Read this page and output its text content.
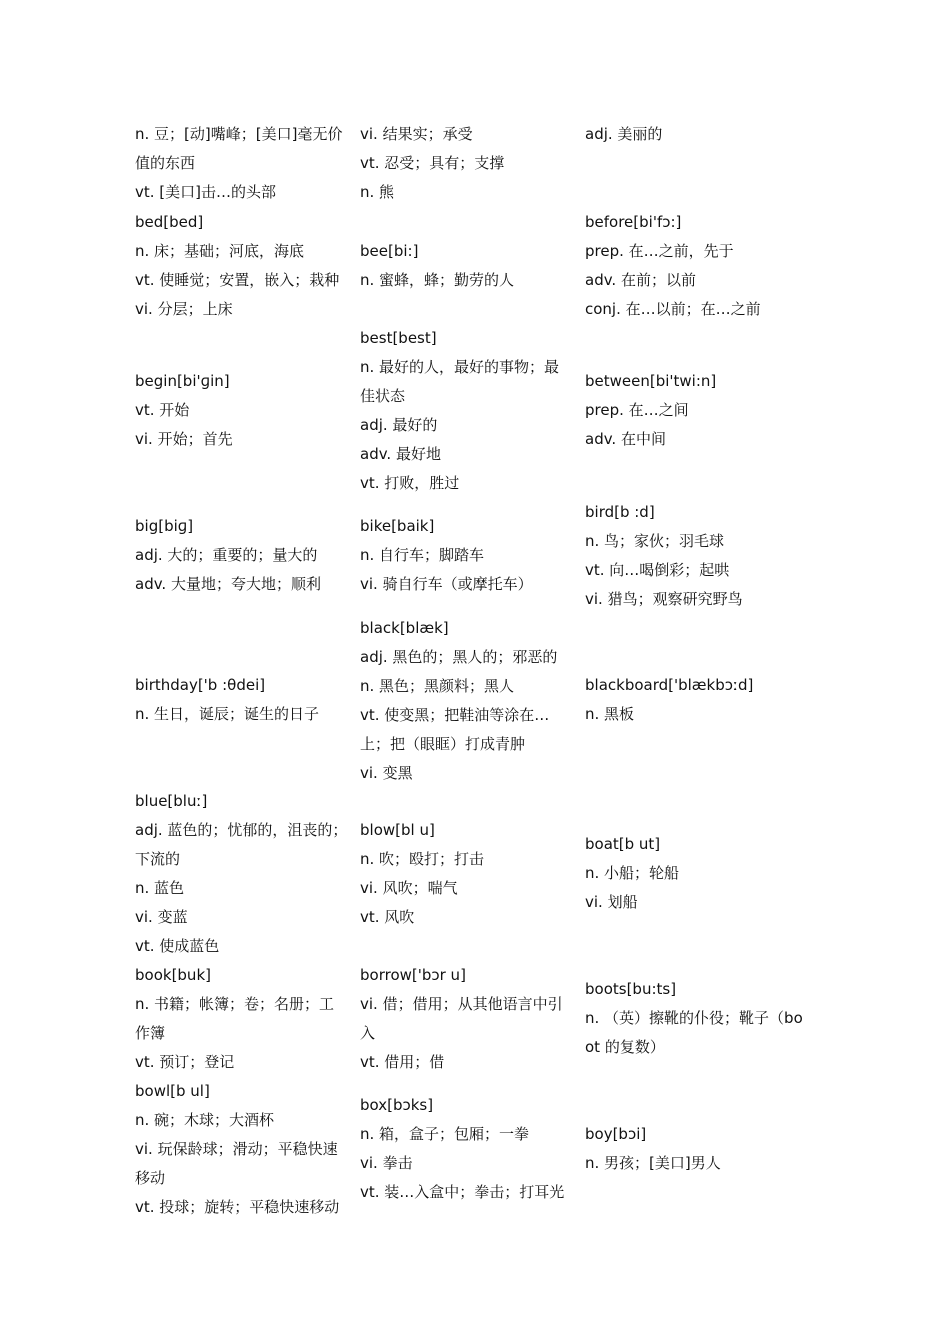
n. 豆；[动]嘴峰；[美口]毫无价
值的东西
vt. [美口]击…的头部
vi. 结果实；承受
vt. 忍受；具有；支撑
n. 熊
adj. 美丽的
bed[bed]
n. 床；基础；河底，海底
vt. 使睡觉；安置，嵌入；栽种
vi. 分层；上床
bee[bi:]
n. 蜜蜂，蜂；勤劳的人
before[bi'fɔ:]
prep. 在…之前，先于
adv. 在前；以前
conj. 在…以前；在…之前
begin[bi'ɡin]
vt. 开始
vi. 开始；首先
best[best]
n. 最好的人，最好的事物；最
佳状态
adj. 最好的
adv. 最好地
vt. 打败，胜过
between[bi'twi:n]
prep. 在…之间
adv. 在中间
big[biɡ]
adj. 大的；重要的；量大的
adv. 大量地；夸大地；顺利
bike[baik]
n. 自行车；脚踏车
vi. 骑自行车（或摩托车）
bird[b :d]
n. 鸟；家伙；羽毛球
vt. 向…喝倒彩；起哄
vi. 猎鸟；观察研究野鸟
birthday['b :θdei]
n. 生日，诞辰；诞生的日子
black[blæk]
adj. 黑色的；黑人的；邪恶的
n. 黑色；黑颜料；黑人
vt. 使变黑；把鞋油等涂在…
上；把（眼眶）打成青肿
vi. 变黑
blackboard['blækbɔːd]
n. 黑板
blue[bluː]
adj. 蓝色的；忧郁的，沮丧的；
下流的
n. 蓝色
vi. 变蓝
vt. 使成蓝色
blow[bl u]
n. 吹；殴打；打击
vi. 风吹；喘气
vt. 风吹
boat[b ut]
n. 小船；轮船
vi. 划船
book[buk]
n. 书籍；帐簿；卷；名册；工
作簿
vt. 预订；登记
borrow['bɔr u]
vi. 借；借用；从其他语言中引
入
vt. 借用；借
boots[bu:ts]
n. （英）擦靴的仆役；靴子（bo
ot 的复数）
bowl[b ul]
n. 碗；木球；大酒杯
vi. 玩保龄球；滑动；平稳快速
移动
vt. 投球；旋转；平稳快速移动
box[bɔks]
n. 箱，盒子；包厢；一拳
vi. 拳击
vt. 装…入盒中；拳击；打耳光
boy[bɔi]
n. 男孩；[美口]男人
